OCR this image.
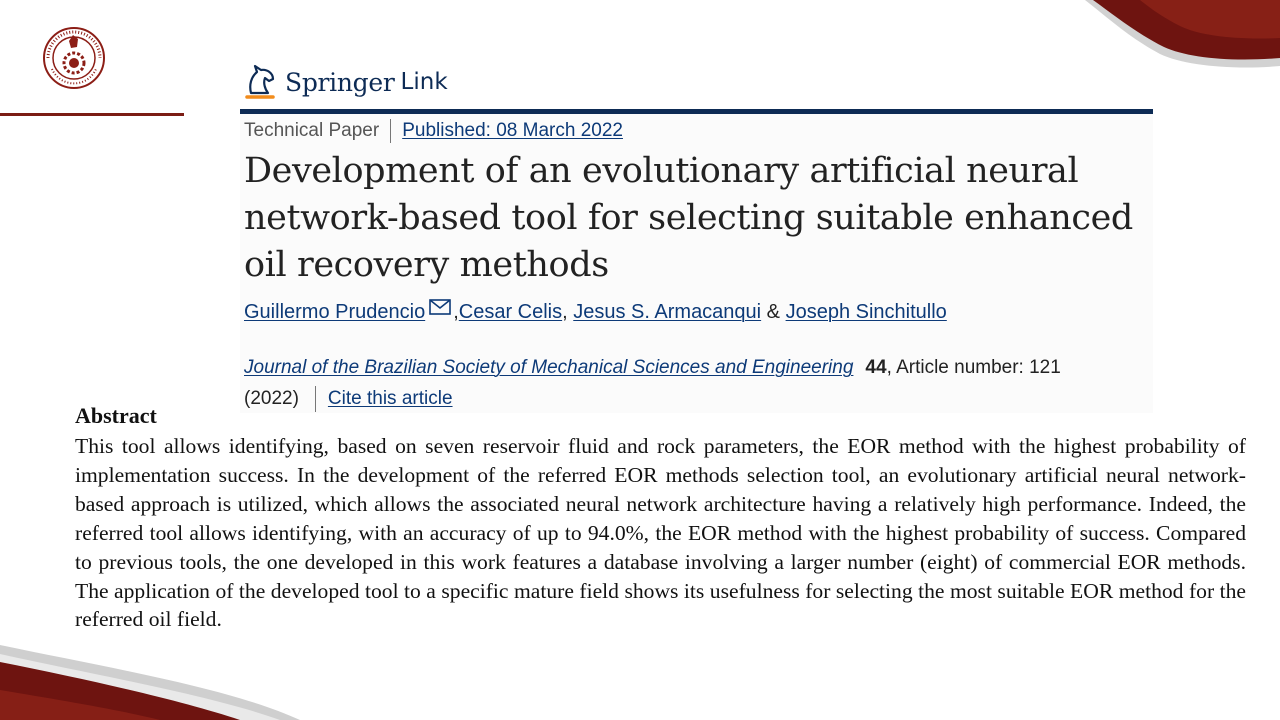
Springer Link
Technical Paper Published: 08 March 2022
Development of an evolutionary artificial neural network-based tool for selecting suitable enhanced oil recovery methods
Guillermo Prudencio , Cesar Celis , Jesus S. Armacanqui & Joseph Sinchitullo
Journal of the Brazilian Society of Mechanical Sciences and Engineering 44 , Article number: 121
(2022) Cite this article
Abstract

This tool allows identifying, based on seven reservoir fluid and rock parameters, the EOR method with the highest probability of implementation success. In the development of the referred EOR methods selection tool, an evolutionary artificial neural network-based approach is utilized, which allows the associated neural network architecture having a relatively high performance. Indeed, the referred tool allows identifying, with an accuracy of up to 94.0%, the EOR method with the highest probability of success. Compared to previous tools, the one developed in this work features a database involving a larger number (eight) of commercial EOR methods. The application of the developed tool to a specific mature field shows its usefulness for selecting the most suitable EOR method for the referred oil field.
